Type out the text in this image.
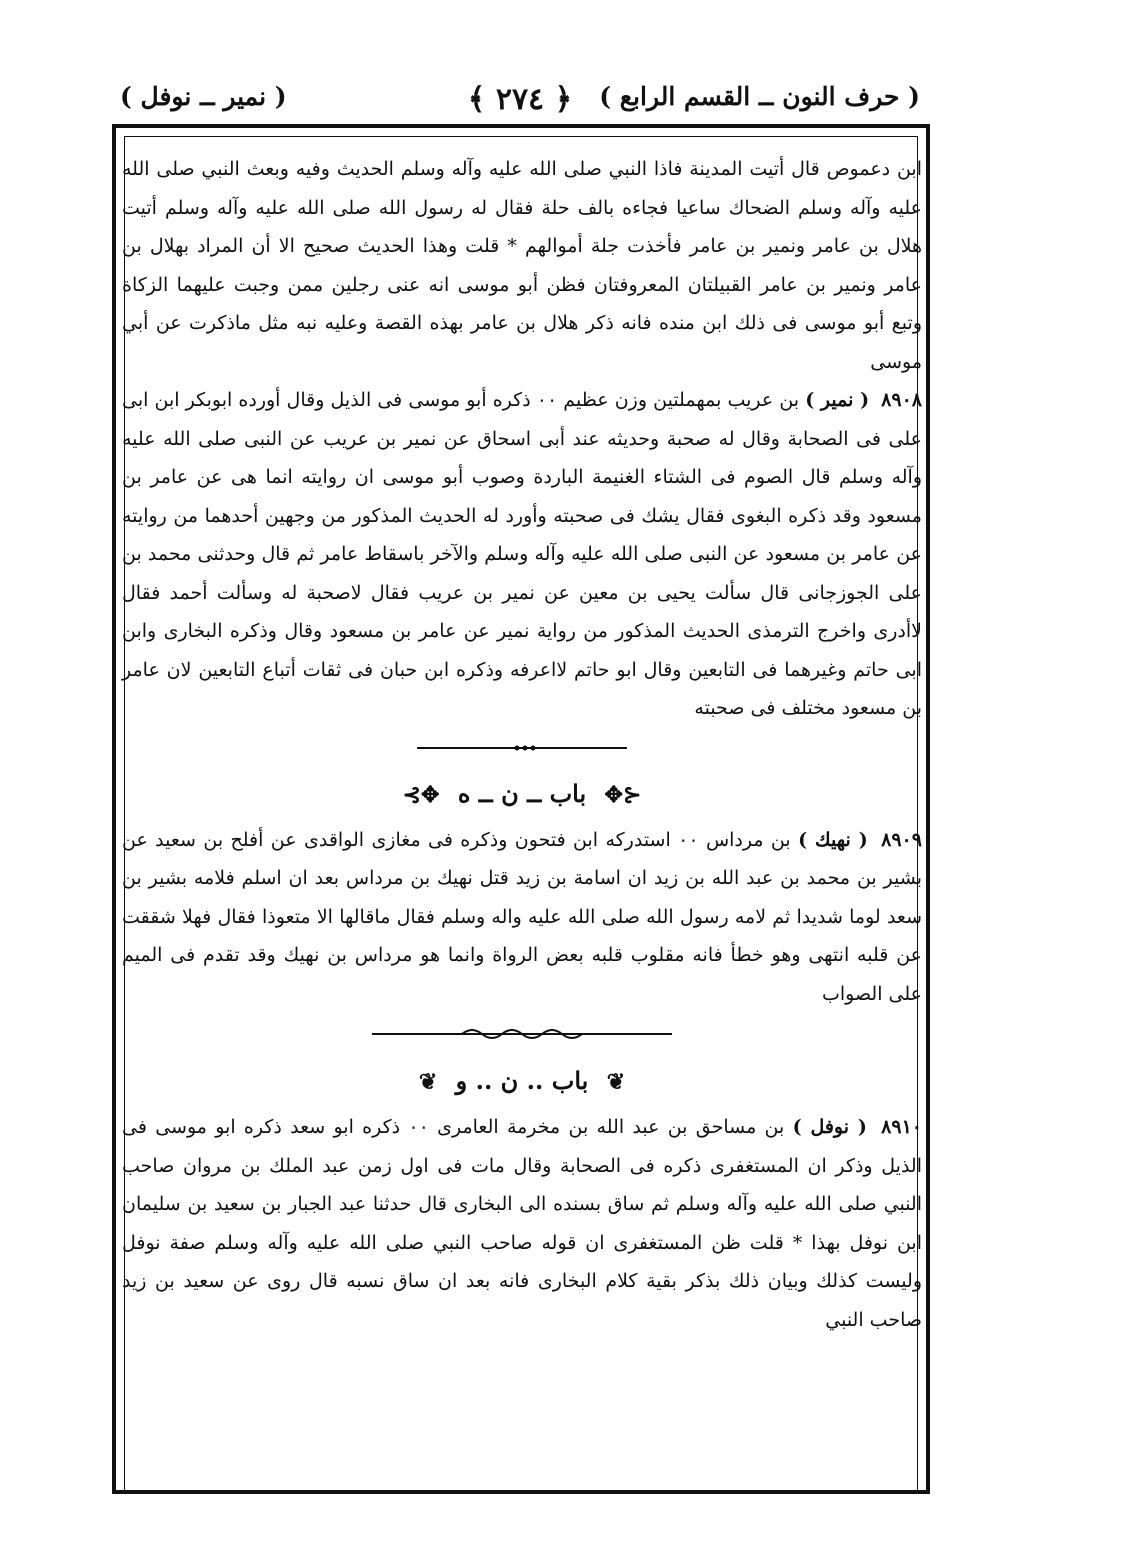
( حرف النون ــ القسم الرابع )
﴿ ٢٧٤ ﴾
( نمير ــ نوفل )

ابن دعموص قال أتيت المدينة فاذا النبي صلى الله عليه وآله وسلم الحديث وفيه وبعث النبي صلى الله عليه وآله وسلم الضحاك ساعيا فجاءه بالف حلة فقال له رسول الله صلى الله عليه وآله وسلم أتيت هلال بن عامر ونمير بن عامر فأخذت جلة أموالهم * قلت وهذا الحديث صحيح الا أن المراد بهلال بن عامر ونمير بن عامر القبيلتان المعروفتان فظن أبو موسى انه عنى رجلين ممن وجبت عليهما الزكاة وتبع أبو موسى فى ذلك ابن منده فانه ذكر هلال بن عامر بهذه القصة وعليه نبه مثل ماذكرت عن أبي موسى

٨٩٠٨ ( نمير ) بن عريب بمهملتين وزن عظيم ٠٠ ذكره أبو موسى فى الذيل وقال أورده ابوبكر ابن ابى على فى الصحابة وقال له صحبة وحديثه عند أبى اسحاق عن نمير بن عريب عن النبى صلى الله عليه وآله وسلم قال الصوم فى الشتاء الغنيمة الباردة وصوب أبو موسى ان روايته انما هى عن عامر بن مسعود وقد ذكره البغوى فقال يشك فى صحبته وأورد له الحديث المذكور من وجهين أحدهما من روايته عن عامر بن مسعود عن النبى صلى الله عليه وآله وسلم والآخر باسقاط عامر ثم قال وحدثنى محمد بن على الجوزجانى قال سألت يحيى بن معين عن نمير بن عريب فقال لاصحبة له وسألت أحمد فقال لاأدرى واخرج الترمذى الحديث المذكور من رواية نمير عن عامر بن مسعود وقال وذكره البخارى وابن ابى حاتم وغيرهما فى التابعين وقال ابو حاتم لااعرفه وذكره ابن حبان فى ثقات أتباع التابعين لان عامر بن مسعود مختلف فى صحبته

⊰✥ باب ــ ن ــ ه ✥⊱

٨٩٠٩ ( نهيك ) بن مرداس ٠٠ استدركه ابن فتحون وذكره فى مغازى الواقدى عن أفلح بن سعيد عن بشير بن محمد بن عبد الله بن زيد ان اسامة بن زيد قتل نهيك بن مرداس بعد ان اسلم فلامه بشير بن سعد لوما شديدا ثم لامه رسول الله صلى الله عليه واله وسلم فقال ماقالها الا متعوذا فقال فهلا شققت عن قلبه انتهى وهو خطأ فانه مقلوب قلبه بعض الرواة وانما هو مرداس بن نهيك وقد تقدم فى الميم على الصواب

❦ باب .. ن .. و ❦

٨٩١٠ ( نوفل ) بن مساحق بن عبد الله بن مخرمة العامرى ٠٠ ذكره ابو سعد ذكره ابو موسى فى الذيل وذكر ان المستغفرى ذكره فى الصحابة وقال مات فى اول زمن عبد الملك بن مروان صاحب النبي صلى الله عليه وآله وسلم ثم ساق بسنده الى البخارى قال حدثنا عبد الجبار بن سعيد بن سليمان ابن نوفل بهذا * قلت ظن المستغفرى ان قوله صاحب النبي صلى الله عليه وآله وسلم صفة نوفل وليست كذلك وبيان ذلك بذكر بقية كلام البخارى فانه بعد ان ساق نسبه قال روى عن سعيد بن زيد صاحب النبي
